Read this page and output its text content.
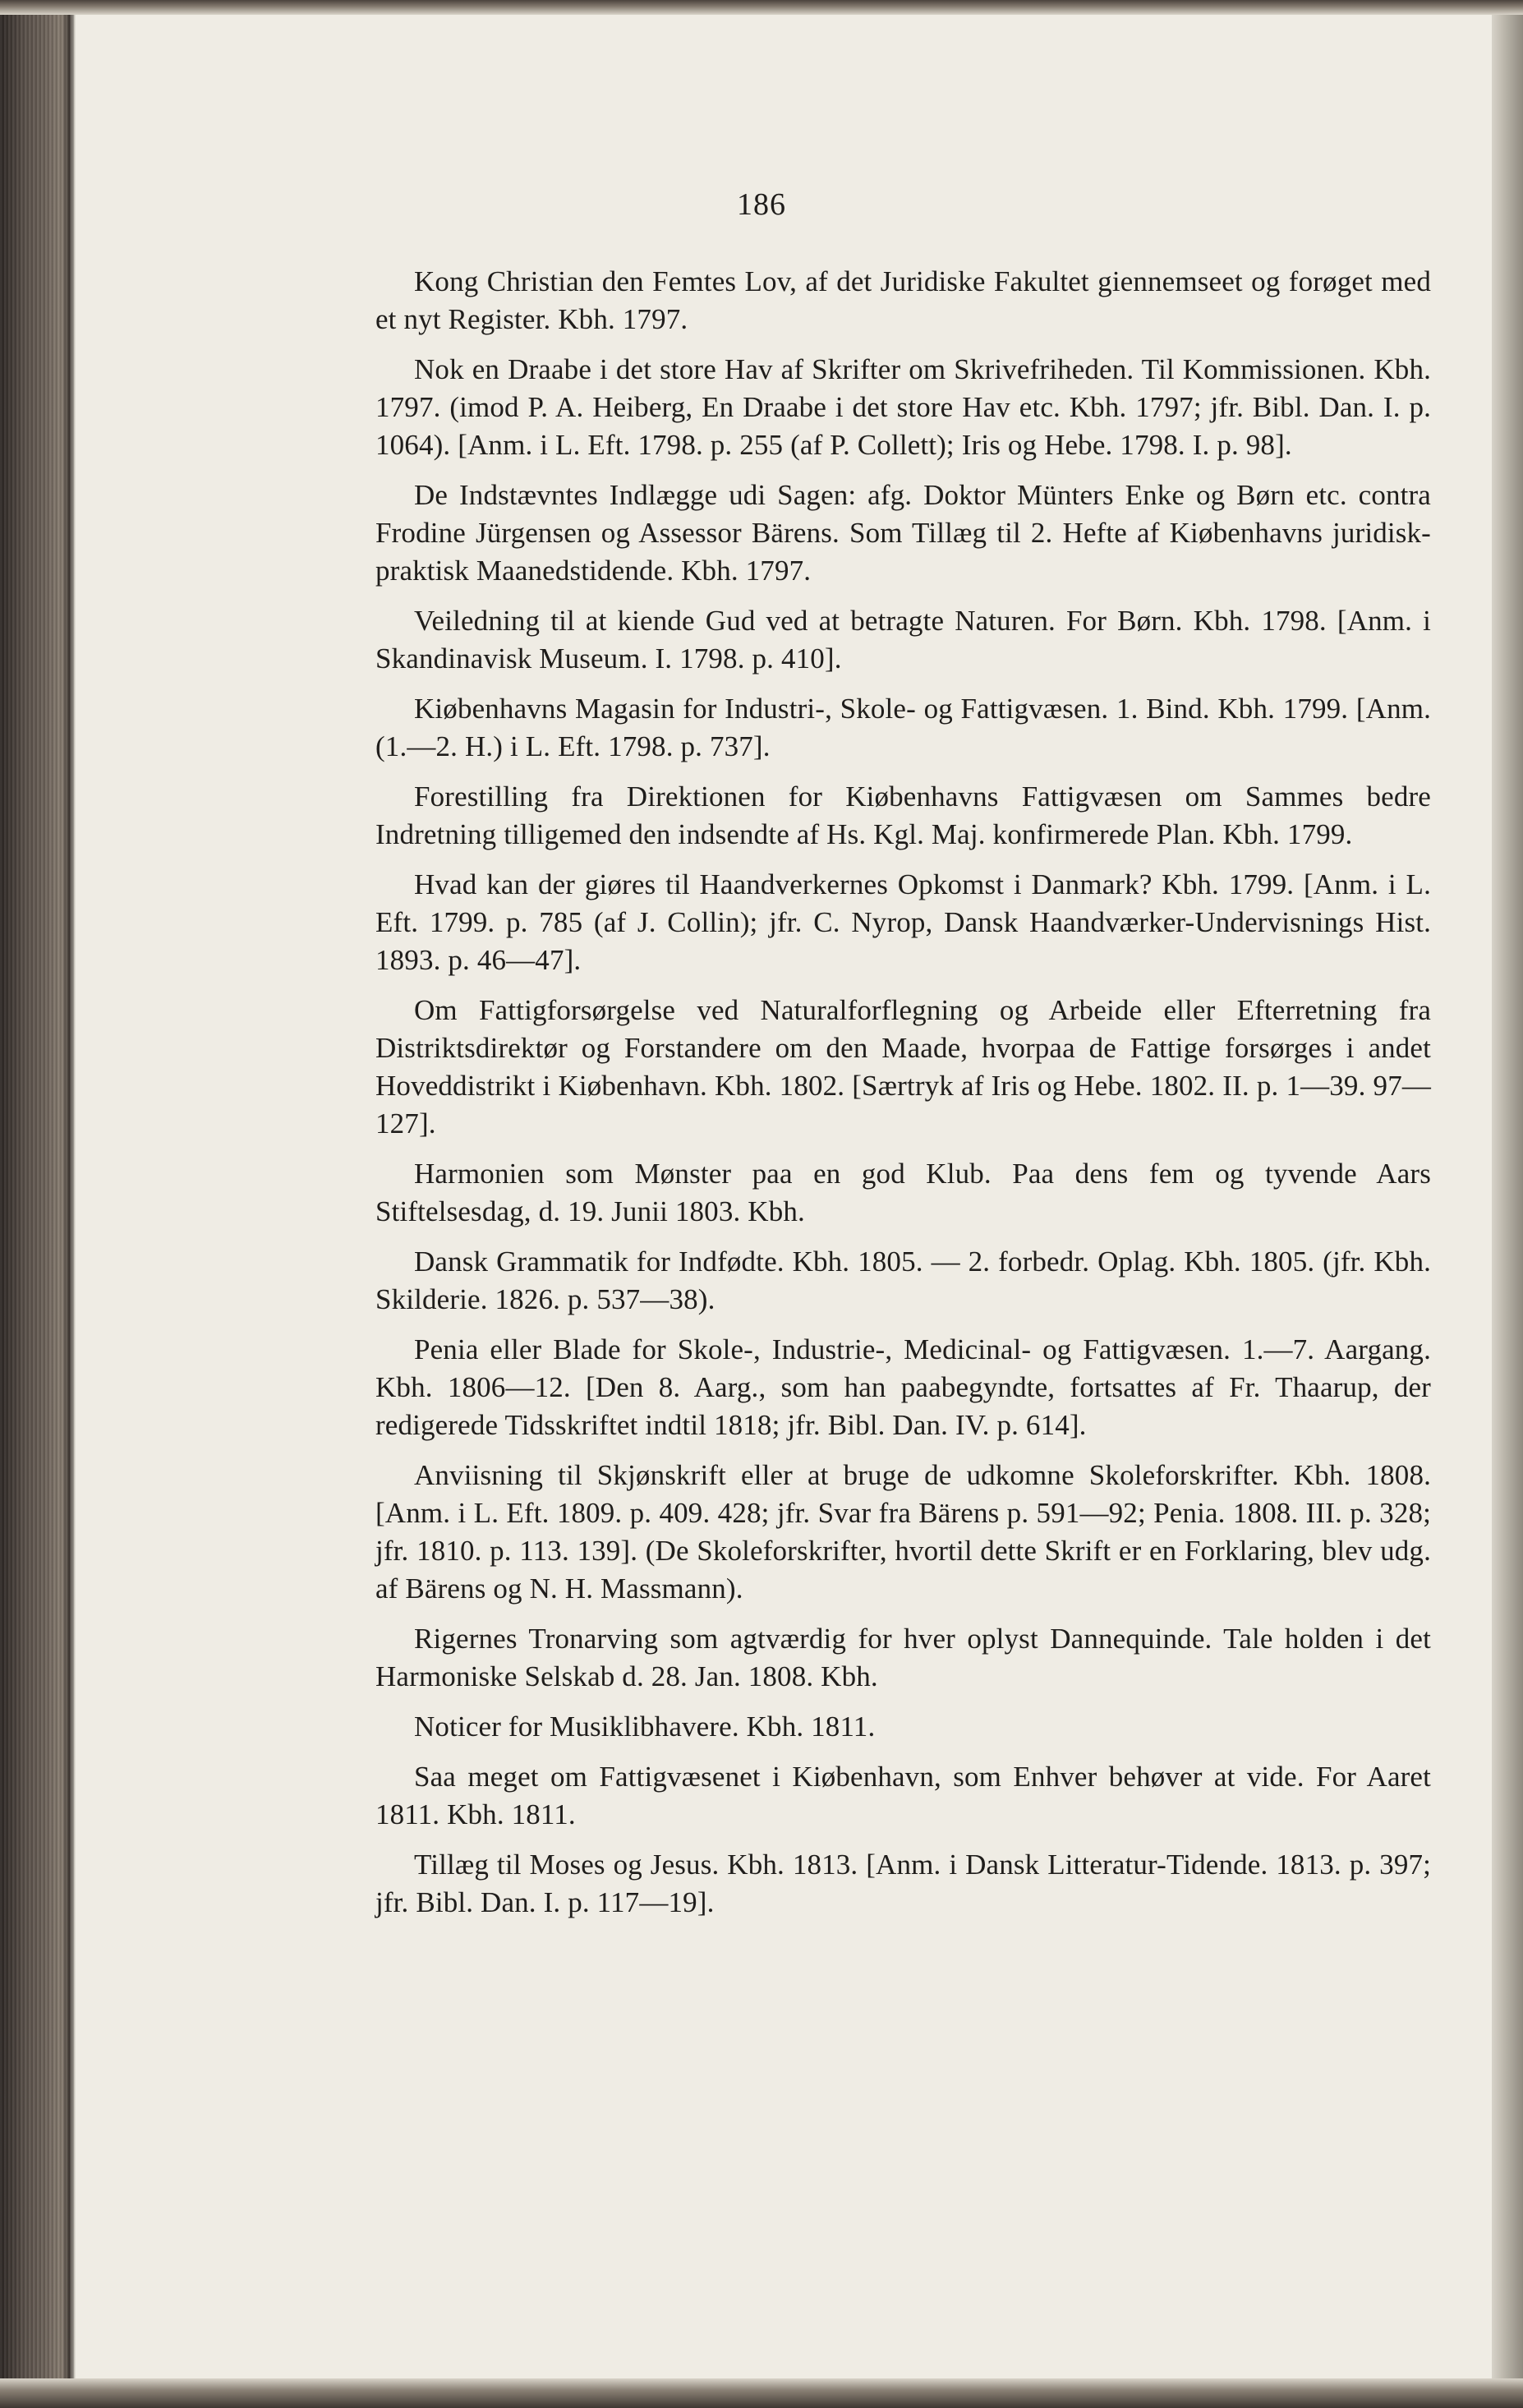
186

Kong Christian den Femtes Lov, af det Juridiske Fakultet giennemseet og forøget med et nyt Register. Kbh. 1797.

Nok en Draabe i det store Hav af Skrifter om Skrivefriheden. Til Kommissionen. Kbh. 1797. (imod P. A. Heiberg, En Draabe i det store Hav etc. Kbh. 1797; jfr. Bibl. Dan. I. p. 1064). [Anm. i L. Eft. 1798. p. 255 (af P. Collett); Iris og Hebe. 1798. I. p. 98].

De Indstævntes Indlægge udi Sagen: afg. Doktor Münters Enke og Børn etc. contra Frodine Jürgensen og Assessor Bärens. Som Tillæg til 2. Hefte af Kiøbenhavns juridisk-praktisk Maanedstidende. Kbh. 1797.

Veiledning til at kiende Gud ved at betragte Naturen. For Børn. Kbh. 1798. [Anm. i Skandinavisk Museum. I. 1798. p. 410].

Kiøbenhavns Magasin for Industri-, Skole- og Fattigvæsen. 1. Bind. Kbh. 1799. [Anm. (1.—2. H.) i L. Eft. 1798. p. 737].

Forestilling fra Direktionen for Kiøbenhavns Fattigvæsen om Sammes bedre Indretning tilligemed den indsendte af Hs. Kgl. Maj. konfirmerede Plan. Kbh. 1799.

Hvad kan der giøres til Haandverkernes Opkomst i Danmark? Kbh. 1799. [Anm. i L. Eft. 1799. p. 785 (af J. Collin); jfr. C. Nyrop, Dansk Haandværker-Undervisnings Hist. 1893. p. 46—47].

Om Fattigforsørgelse ved Naturalforflegning og Arbeide eller Efterretning fra Distriktsdirektør og Forstandere om den Maade, hvorpaa de Fattige forsørges i andet Hoveddistrikt i Kiøbenhavn. Kbh. 1802. [Særtryk af Iris og Hebe. 1802. II. p. 1—39. 97—127].

Harmonien som Mønster paa en god Klub. Paa dens fem og tyvende Aars Stiftelsesdag, d. 19. Junii 1803. Kbh.

Dansk Grammatik for Indfødte. Kbh. 1805. — 2. forbedr. Oplag. Kbh. 1805. (jfr. Kbh. Skilderie. 1826. p. 537—38).

Penia eller Blade for Skole-, Industrie-, Medicinal- og Fattigvæsen. 1.—7. Aargang. Kbh. 1806—12. [Den 8. Aarg., som han paabegyndte, fortsattes af Fr. Thaarup, der redigerede Tidsskriftet indtil 1818; jfr. Bibl. Dan. IV. p. 614].

Anviisning til Skjønskrift eller at bruge de udkomne Skoleforskrifter. Kbh. 1808. [Anm. i L. Eft. 1809. p. 409. 428; jfr. Svar fra Bärens p. 591—92; Penia. 1808. III. p. 328; jfr. 1810. p. 113. 139]. (De Skoleforskrifter, hvortil dette Skrift er en Forklaring, blev udg. af Bärens og N. H. Massmann).

Rigernes Tronarving som agtværdig for hver oplyst Dannequinde. Tale holden i det Harmoniske Selskab d. 28. Jan. 1808. Kbh.

Noticer for Musiklibhavere. Kbh. 1811.

Saa meget om Fattigvæsenet i Kiøbenhavn, som Enhver behøver at vide. For Aaret 1811. Kbh. 1811.

Tillæg til Moses og Jesus. Kbh. 1813. [Anm. i Dansk Litteratur-Tidende. 1813. p. 397; jfr. Bibl. Dan. I. p. 117—19].
